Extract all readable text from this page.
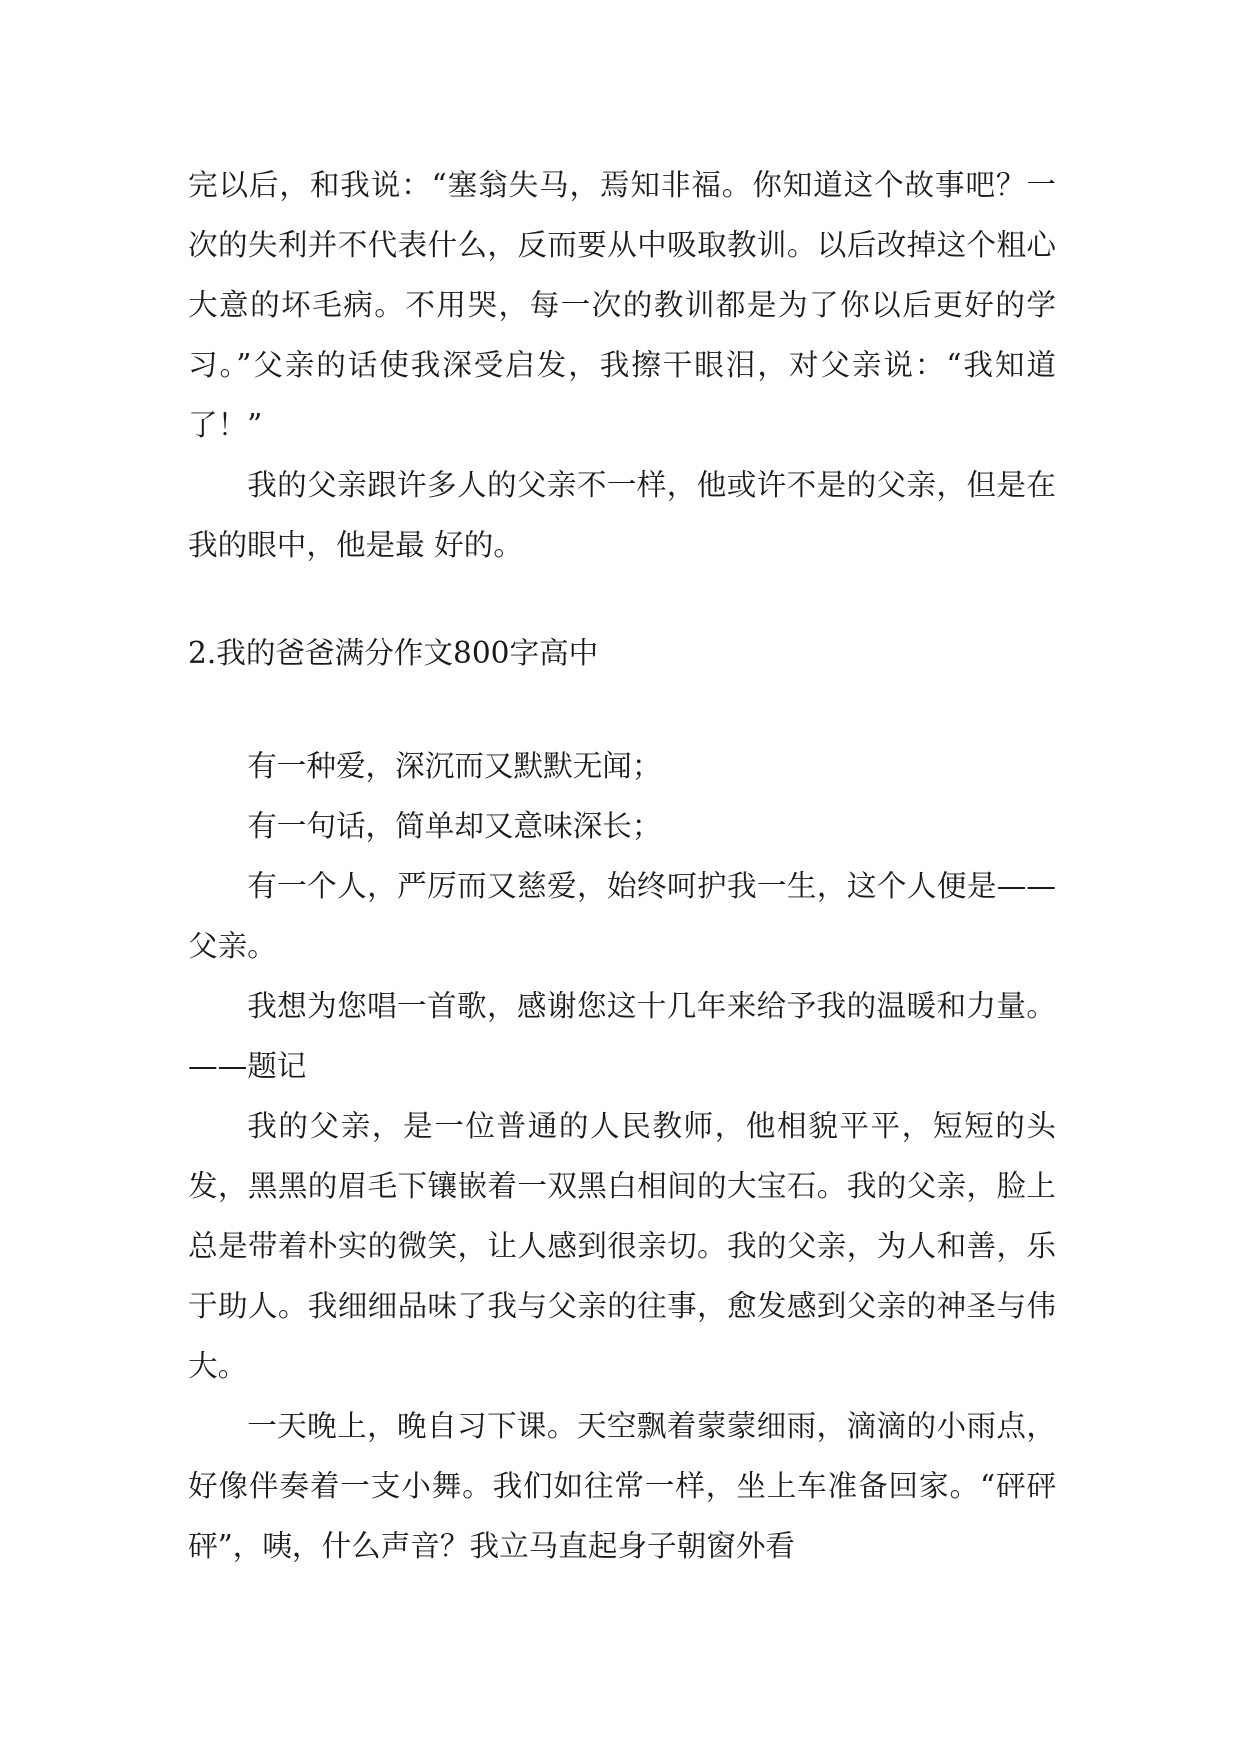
完以后，和我说：“塞翁失马，焉知非福。你知道这个故事吧？一次的失利并不代表什么，反而要从中吸取教训。以后改掉这个粗心大意的坏毛病。不用哭，每一次的教训都是为了你以后更好的学习。”父亲的话使我深受启发，我擦干眼泪，对父亲说：“我知道了！”

我的父亲跟许多人的父亲不一样，他或许不是的父亲，但是在我的眼中，他是最 好的。

2.我的爸爸满分作文800字高中

有一种爱，深沉而又默默无闻；

有一句话，简单却又意味深长；

有一个人，严厉而又慈爱，始终呵护我一生，这个人便是——父亲。

我想为您唱一首歌，感谢您这十几年来给予我的温暖和力量。——题记

我的父亲，是一位普通的人民教师，他相貌平平，短短的头发，黑黑的眉毛下镶嵌着一双黑白相间的大宝石。我的父亲，脸上总是带着朴实的微笑，让人感到很亲切。我的父亲，为人和善，乐于助人。我细细品味了我与父亲的往事，愈发感到父亲的神圣与伟大。

一天晚上，晚自习下课。天空飘着蒙蒙细雨，滴滴的小雨点，好像伴奏着一支小舞。我们如往常一样，坐上车准备回家。“砰砰砰”，咦，什么声音？我立马直起身子朝窗外看
